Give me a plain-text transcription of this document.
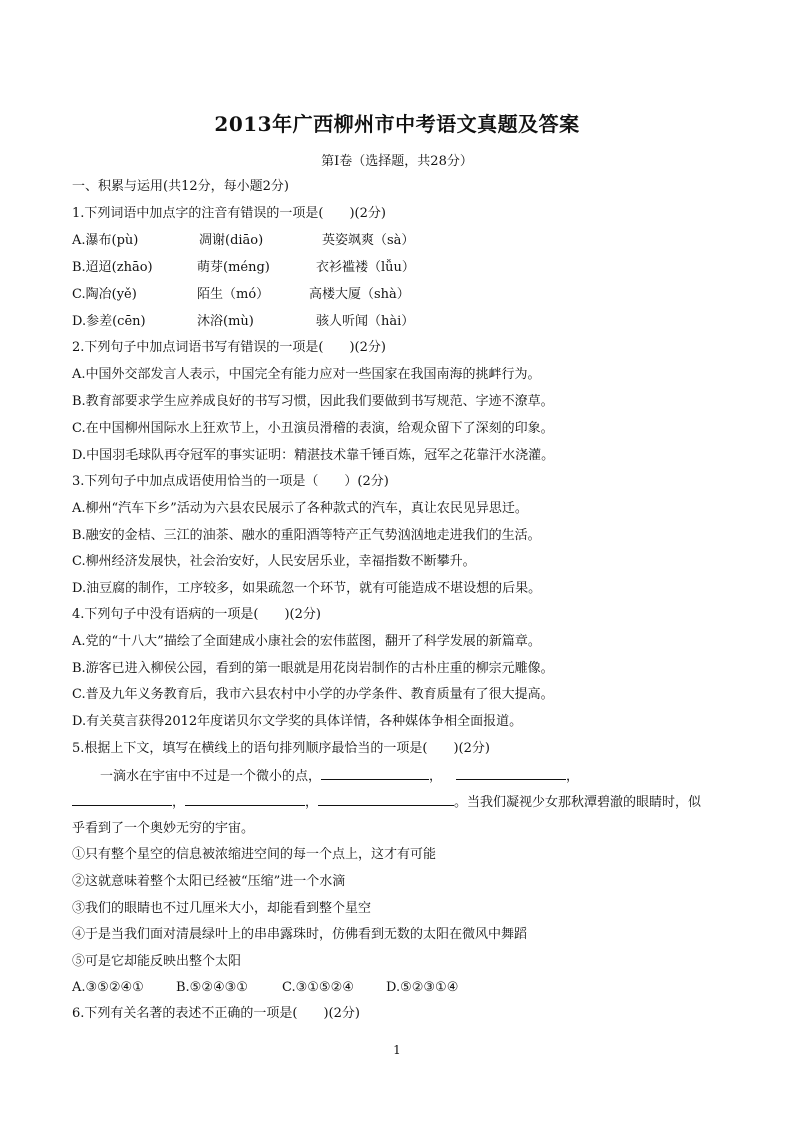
2013年广西柳州市中考语文真题及答案
第Ⅰ卷（选择题，共28分）
一、积累与运用(共12分，每小题2分)
1.下列词语中加点字的注音有错误的一项是(　　)(2分)
A.瀑布(pù)	凋谢(diāo)	英姿飒爽（sà）
B.迢迢(zhāo)	萌芽(méng)	衣衫褴褛（lǚu）
C.陶冶(yě)	陌生（mó）	高楼大厦（shà）
D.参差(cēn)	沐浴(mù)	骇人听闻（hài）
2.下列句子中加点词语书写有错误的一项是(　　)(2分)
A.中国外交部发言人表示，中国完全有能力应对一些国家在我国南海的挑衅行为。
B.教育部要求学生应养成良好的书写习惯，因此我们要做到书写规范、字迹不潦草。
C.在中国柳州国际水上狂欢节上，小丑演员滑稽的表演，给观众留下了深刻的印象。
D.中国羽毛球队再夺冠军的事实证明：精湛技术靠千锤百炼，冠军之花靠汗水浇灌。
3.下列句子中加点成语使用恰当的一项是（　　）(2分)
A.柳州“汽车下乡”活动为六县农民展示了各种款式的汽车，真让农民见异思迁。
B.融安的金桔、三江的油茶、融水的重阳酒等特产正气势汹汹地走进我们的生活。
C.柳州经济发展快，社会治安好，人民安居乐业，幸福指数不断攀升。
D.油豆腐的制作，工序较多，如果疏忽一个环节，就有可能造成不堪设想的后果。
4.下列句子中没有语病的一项是(　　)(2分)
A.党的“十八大”描绘了全面建成小康社会的宏伟蓝图，翻开了科学发展的新篇章。
B.游客已进入柳侯公园，看到的第一眼就是用花岗岩制作的古朴庄重的柳宗元雕像。
C.普及九年义务教育后，我市六县农村中小学的办学条件、教育质量有了很大提高。
D.有关莫言获得2012年度诺贝尔文学奖的具体详情，各种媒体争相全面报道。
5.根据上下文，填写在横线上的语句排列顺序最恰当的一项是(　　)(2分)
一滴水在宇宙中不过是一个微小的点，	，	，
，	，	。当我们凝视少女那秋潭碧澈的眼睛时，似
乎看到了一个奥妙无穷的宇宙。
①只有整个星空的信息被浓缩进空间的每一个点上，这才有可能
②这就意味着整个太阳已经被“压缩”进一个水滴
③我们的眼睛也不过几厘米大小，却能看到整个星空
④于是当我们面对清晨绿叶上的串串露珠时，仿佛看到无数的太阳在微风中舞蹈
⑤可是它却能反映出整个太阳
A.③⑤②④① B.⑤②④③①	C.③①⑤②④ D.⑤②③①④
6.下列有关名著的表述不正确的一项是(　　)(2分)
1
